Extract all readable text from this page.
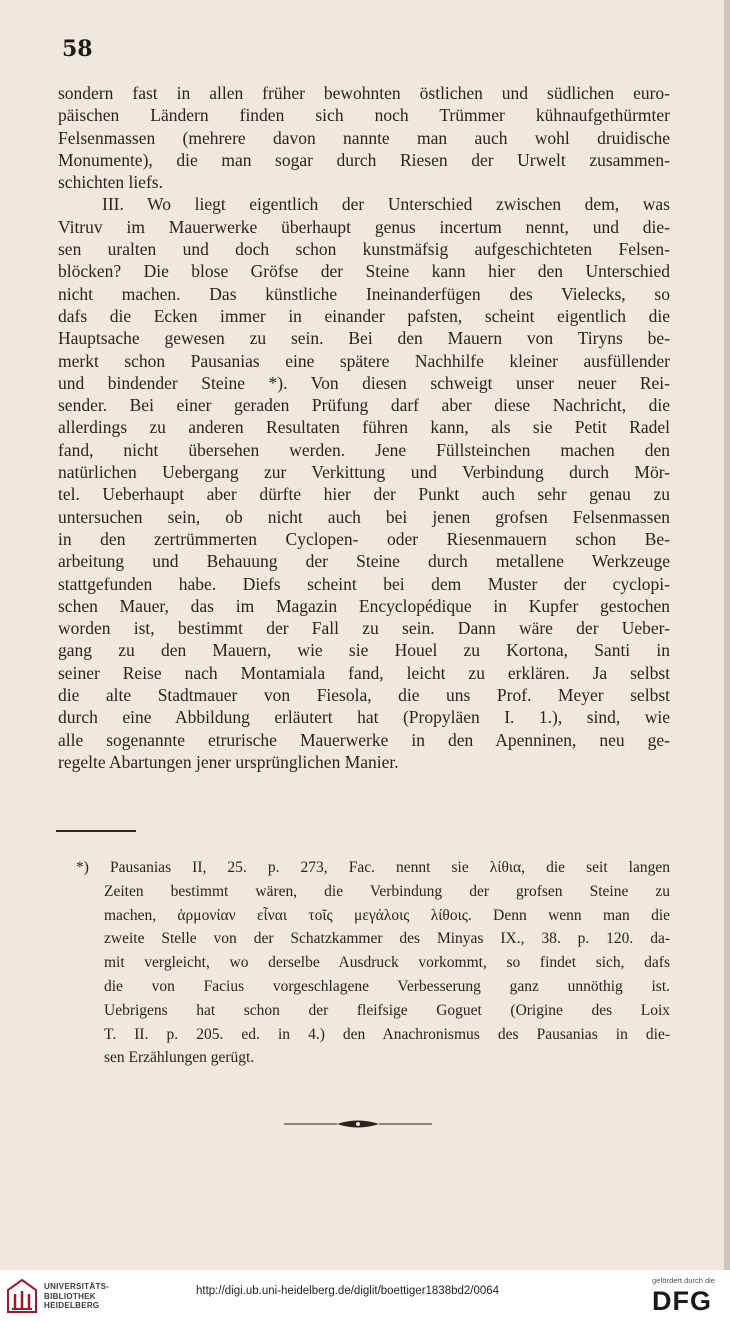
58
sondern fast in allen früher bewohnten östlichen und südlichen euro-
päischen Ländern finden sich noch Trümmer kühnaufgethürmter
Felsenmassen (mehrere davon nannte man auch wohl druidische
Monumente), die man sogar durch Riesen der Urwelt zusammen-
schichten liefs.
III. Wo liegt eigentlich der Unterschied zwischen dem, was
Vitruv im Mauerwerke überhaupt genus incertum nennt, und die-
sen uralten und doch schon kunstmäfsig aufgeschichteten Felsen-
blöcken? Die blose Gröfse der Steine kann hier den Unterschied
nicht machen. Das künstliche Ineinanderfügen des Vielecks, so
dafs die Ecken immer in einander pafsten, scheint eigentlich die
Hauptsache gewesen zu sein. Bei den Mauern von Tiryns be-
merkt schon Pausanias eine spätere Nachhilfe kleiner ausfüllender
und bindender Steine *). Von diesen schweigt unser neuer Rei-
sender. Bei einer geraden Prüfung darf aber diese Nachricht, die
allerdings zu anderen Resultaten führen kann, als sie Petit Radel
fand, nicht übersehen werden. Jene Füllsteinchen machen den
natürlichen Uebergang zur Verkittung und Verbindung durch Mör-
tel. Ueberhaupt aber dürfte hier der Punkt auch sehr genau zu
untersuchen sein, ob nicht auch bei jenen grofsen Felsenmassen
in den zertrümmerten Cyclopen- oder Riesenmauern schon Be-
arbeitung und Behauung der Steine durch metallene Werkzeuge
stattgefunden habe. Diefs scheint bei dem Muster der cyclopi-
schen Mauer, das im Magazin Encyclopédique in Kupfer gestochen
worden ist, bestimmt der Fall zu sein. Dann wäre der Ueber-
gang zu den Mauern, wie sie Houel zu Kortona, Santi in
seiner Reise nach Montamiala fand, leicht zu erklären. Ja selbst
die alte Stadtmauer von Fiesola, die uns Prof. Meyer selbst
durch eine Abbildung erläutert hat (Propyläen I. 1.), sind, wie
alle sogenannte etrurische Mauerwerke in den Apenninen, neu ge-
regelte Abartungen jener ursprünglichen Manier.
*) Pausanias II, 25. p. 273, Fac. nennt sie λίθια, die seit langen
Zeiten bestimmt wären, die Verbindung der grofsen Steine zu
machen, ἁρμονίαν εἶναι τοῖς μεγάλοις λίθοις. Denn wenn man die
zweite Stelle von der Schatzkammer des Minyas IX., 38. p. 120. da-
mit vergleicht, wo derselbe Ausdruck vorkommt, so findet sich, dafs
die von Facius vorgeschlagene Verbesserung ganz unnöthig ist.
Uebrigens hat schon der fleifsige Goguet (Origine des Loix
T. II. p. 205. ed. in 4.) den Anachronismus des Pausanias in die-
sen Erzählungen gerügt.
UNIVERSITÄTS-
BIBLIOTHEK
HEIDELBERG
http://digi.ub.uni-heidelberg.de/diglit/boettiger1838bd2/0064
gefördert durch die
DFG
